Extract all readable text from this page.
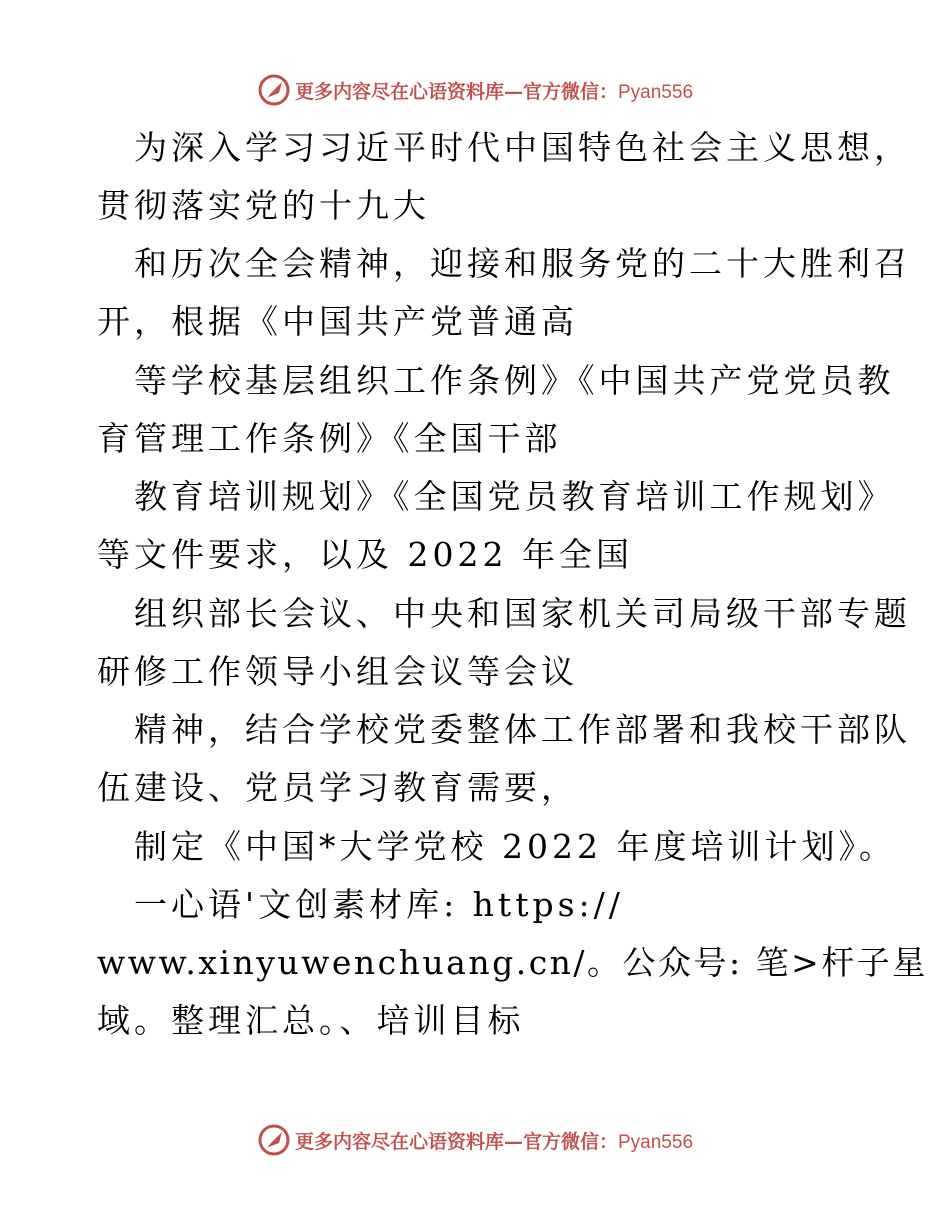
更多内容尽在心语资料库—官方微信：Pyan556
为深入学习习近平时代中国特色社会主义思想，
贯彻落实党的十九大
和历次全会精神，迎接和服务党的二十大胜利召
开，根据《中国共产党普通高
等学校基层组织工作条例》《中国共产党党员教
育管理工作条例》《全国干部
教育培训规划》《全国党员教育培训工作规划》
等文件要求，以及 2022 年全国
组织部长会议、中央和国家机关司局级干部专题
研修工作领导小组会议等会议
精神，结合学校党委整体工作部署和我校干部队
伍建设、党员学习教育需要，
制定《中国*大学党校 2022 年度培训计划》。
一心语'文创素材库: https://
www.xinyuwenchuang.cn/。公众号: 笔>杆子星
域。整理汇总。、培训目标
更多内容尽在心语资料库—官方微信：Pyan556
